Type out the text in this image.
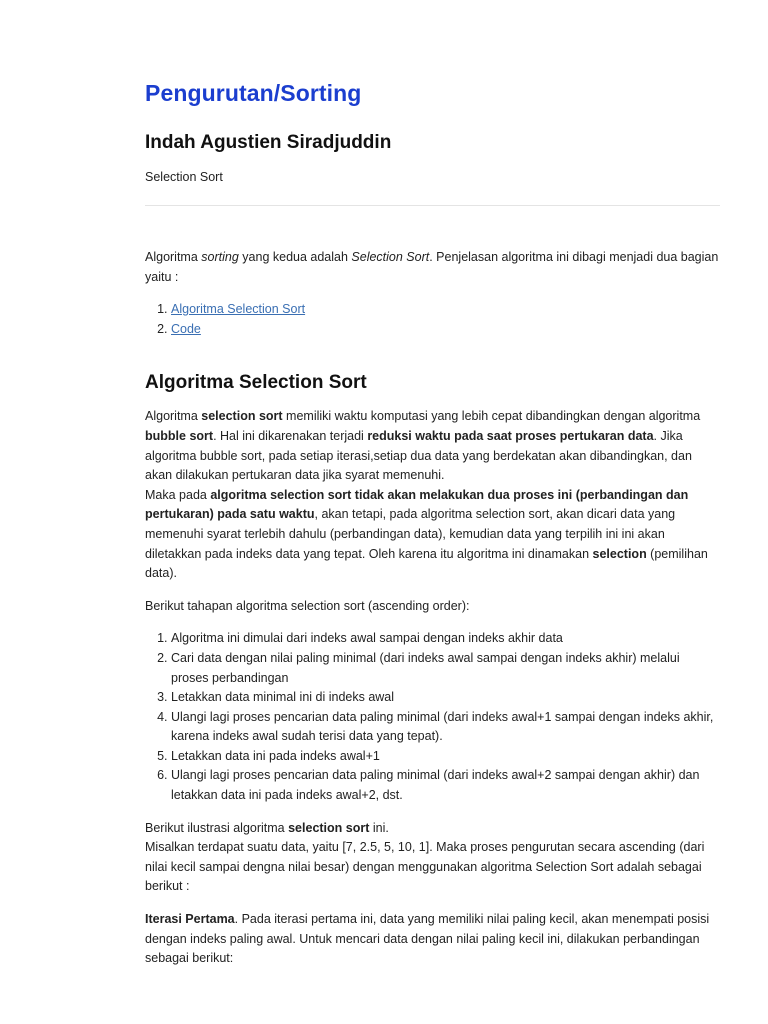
Pengurutan/Sorting
Indah Agustien Siradjuddin

Selection Sort

Algoritma sorting yang kedua adalah Selection Sort. Penjelasan algoritma ini dibagi menjadi dua bagian yaitu :

1. Algoritma Selection Sort
2. Code
Algoritma Selection Sort

Algoritma selection sort memiliki waktu komputasi yang lebih cepat dibandingkan dengan algoritma bubble sort. Hal ini dikarenakan terjadi reduksi waktu pada saat proses pertukaran data. Jika algoritma bubble sort, pada setiap iterasi,setiap dua data yang berdekatan akan dibandingkan, dan akan dilakukan pertukaran data jika syarat memenuhi.
Maka pada algoritma selection sort tidak akan melakukan dua proses ini (perbandingan dan pertukaran) pada satu waktu, akan tetapi, pada algoritma selection sort, akan dicari data yang memenuhi syarat terlebih dahulu (perbandingan data), kemudian data yang terpilih ini ini akan diletakkan pada indeks data yang tepat. Oleh karena itu algoritma ini dinamakan selection (pemilihan data).

Berikut tahapan algoritma selection sort (ascending order):

1. Algoritma ini dimulai dari indeks awal sampai dengan indeks akhir data
2. Cari data dengan nilai paling minimal (dari indeks awal sampai dengan indeks akhir) melalui proses perbandingan
3. Letakkan data minimal ini di indeks awal
4. Ulangi lagi proses pencarian data paling minimal (dari indeks awal+1 sampai dengan indeks akhir, karena indeks awal sudah terisi data yang tepat).
5. Letakkan data ini pada indeks awal+1
6. Ulangi lagi proses pencarian data paling minimal (dari indeks awal+2 sampai dengan akhir) dan letakkan data ini pada indeks awal+2, dst.

Berikut ilustrasi algoritma selection sort ini.
Misalkan terdapat suatu data, yaitu [7, 2.5, 5, 10, 1]. Maka proses pengurutan secara ascending (dari nilai kecil sampai dengna nilai besar) dengan menggunakan algoritma Selection Sort adalah sebagai berikut :

Iterasi Pertama. Pada iterasi pertama ini, data yang memiliki nilai paling kecil, akan menempati posisi dengan indeks paling awal. Untuk mencari data dengan nilai paling kecil ini, dilakukan perbandingan sebagai berikut:
